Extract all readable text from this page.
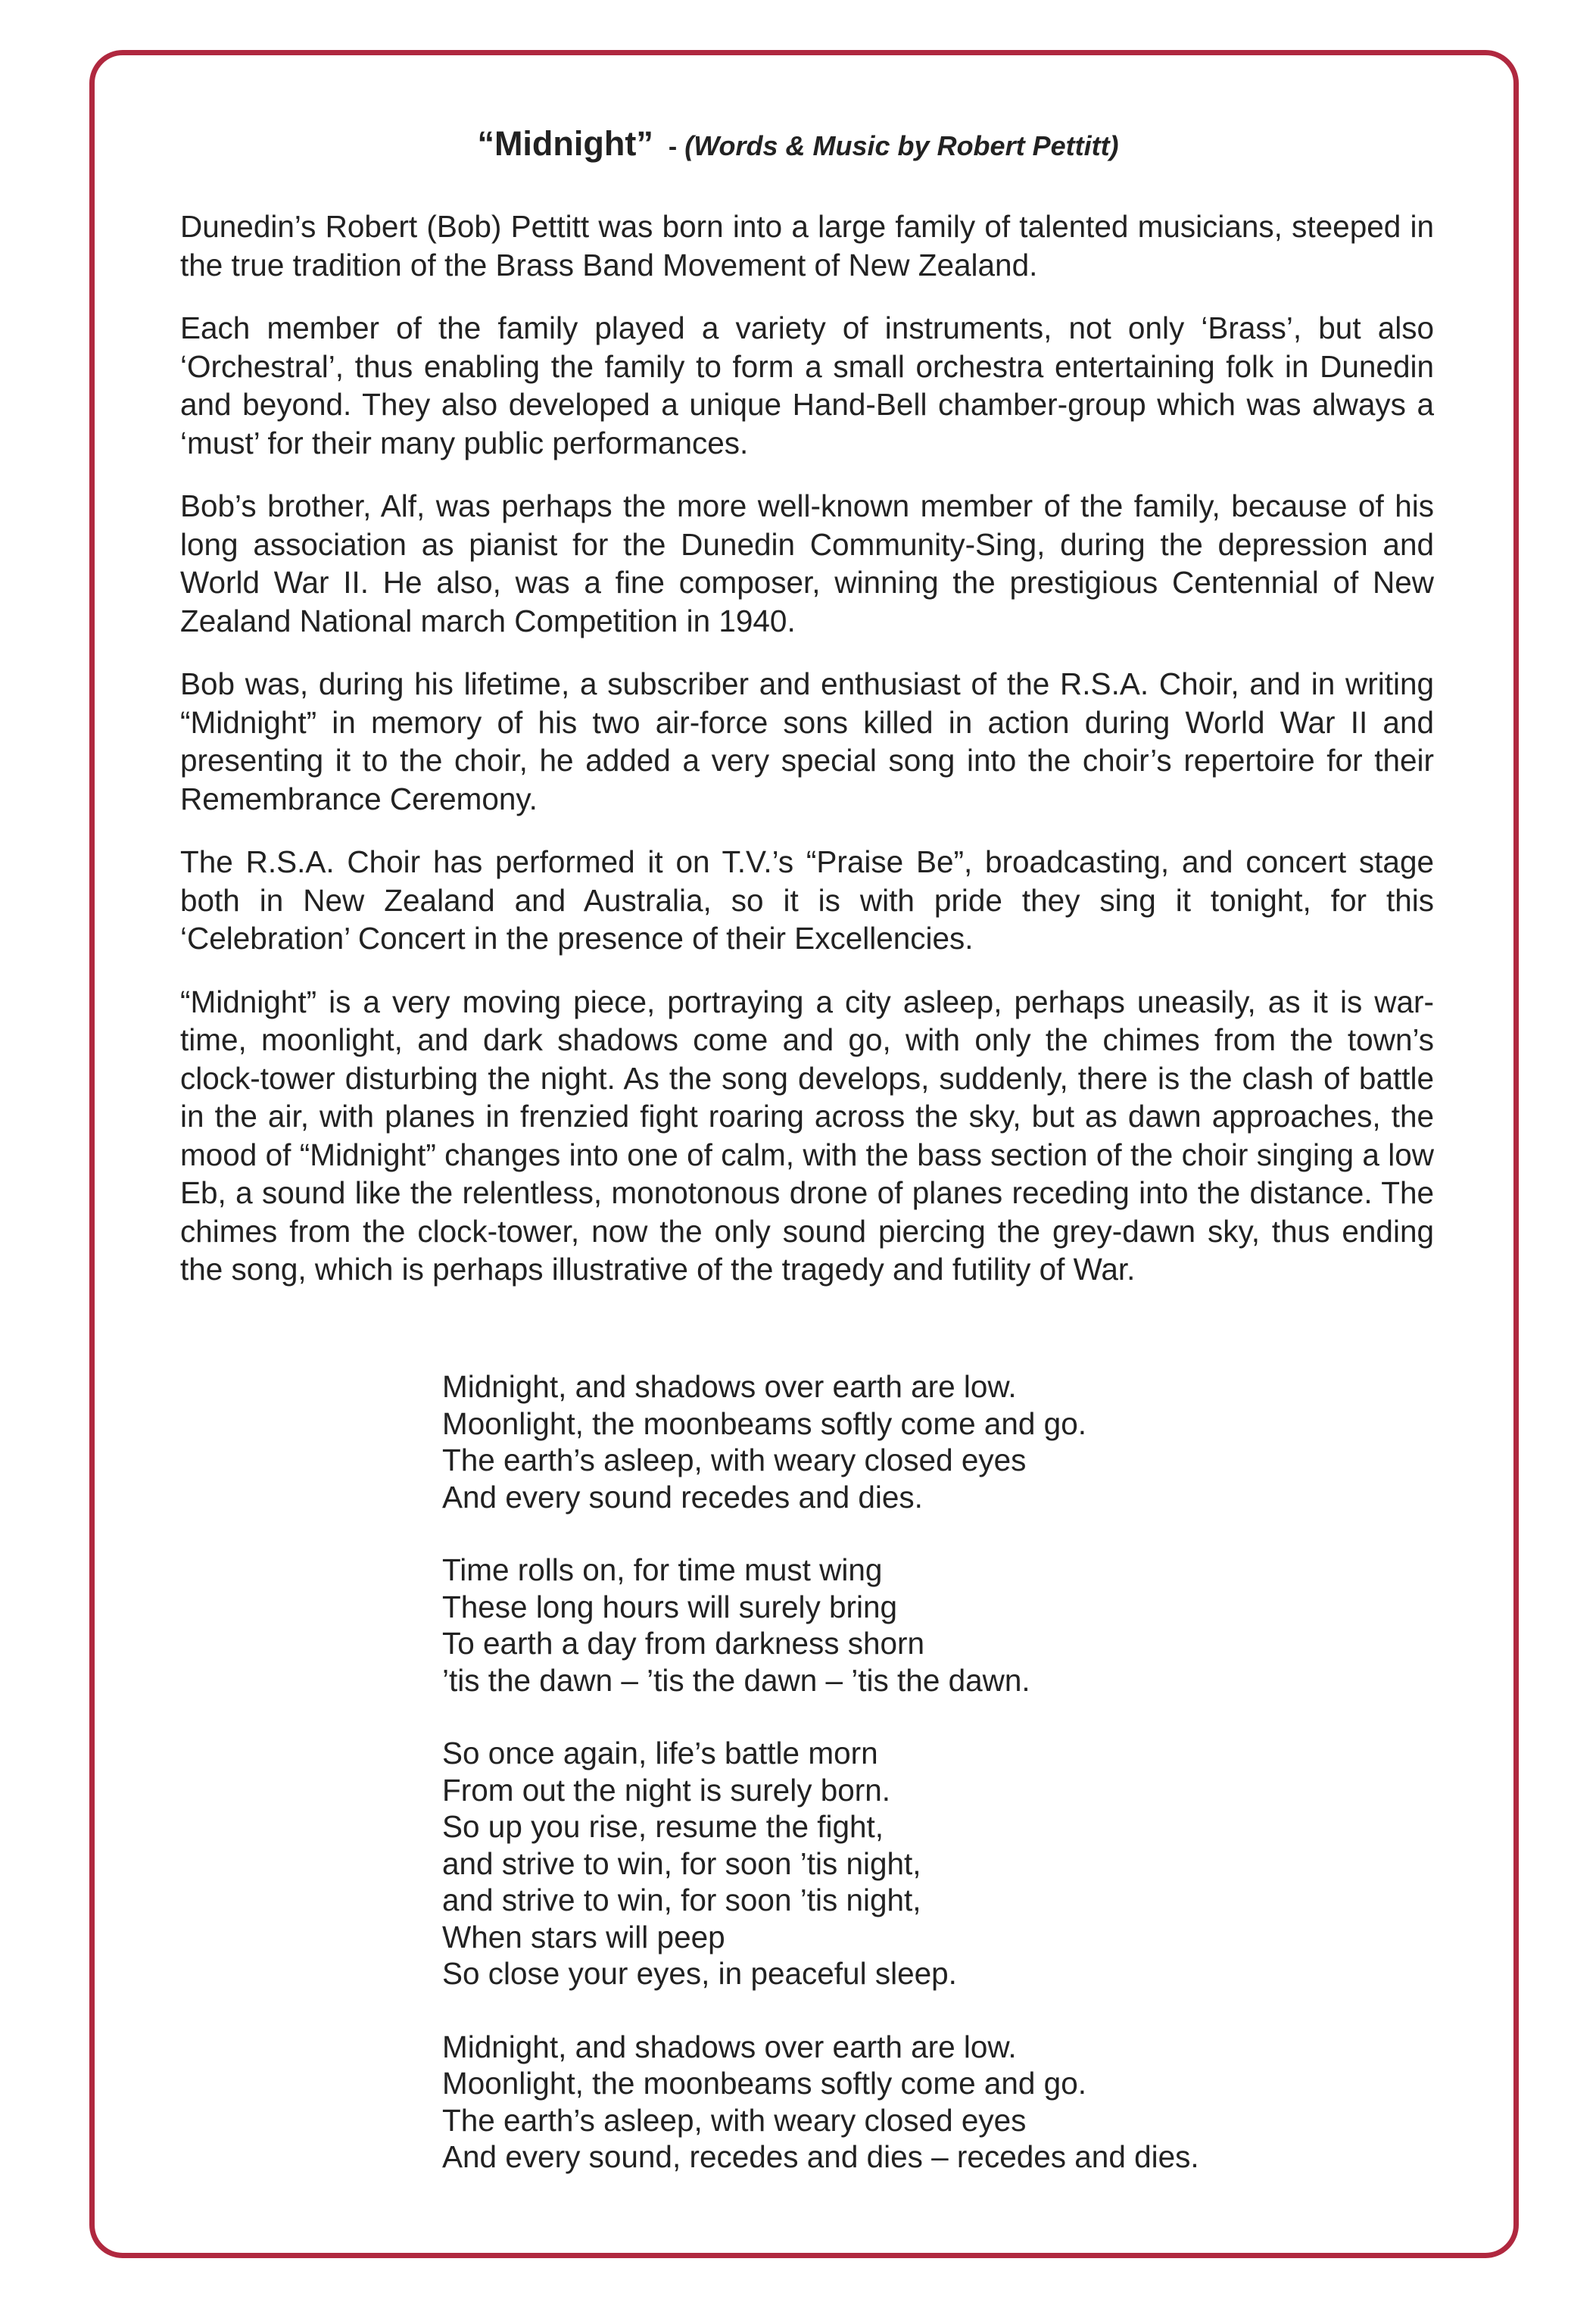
“Midnight” - (Words & Music by Robert Pettitt)

Dunedin’s Robert (Bob) Pettitt was born into a large family of talented musicians, steeped in the true tradition of the Brass Band Movement of New Zealand.

Each member of the family played a variety of instruments, not only ‘Brass’, but also ‘Orchestral’, thus enabling the family to form a small orchestra entertaining folk in Dunedin and beyond. They also developed a unique Hand-Bell chamber-group which was always a ‘must’ for their many public performances.

Bob’s brother, Alf, was perhaps the more well-known member of the family, because of his long association as pianist for the Dunedin Community-Sing, during the depression and World War II. He also, was a fine composer, winning the prestigious Centennial of New Zealand National march Competition in 1940.

Bob was, during his lifetime, a subscriber and enthusiast of the R.S.A. Choir, and in writing “Midnight” in memory of his two air-force sons killed in action during World War II and presenting it to the choir, he added a very special song into the choir’s repertoire for their Remembrance Ceremony.

The R.S.A. Choir has performed it on T.V.’s “Praise Be”, broadcasting, and concert stage both in New Zealand and Australia, so it is with pride they sing it tonight, for this ‘Celebration’ Concert in the presence of their Excellencies.

“Midnight” is a very moving piece, portraying a city asleep, perhaps uneasily, as it is war-time, moonlight, and dark shadows come and go, with only the chimes from the town’s clock-tower disturbing the night. As the song develops, suddenly, there is the clash of battle in the air, with planes in frenzied fight roaring across the sky, but as dawn approaches, the mood of “Midnight” changes into one of calm, with the bass section of the choir singing a low Eb, a sound like the relentless, monotonous drone of planes receding into the distance. The chimes from the clock-tower, now the only sound piercing the grey-dawn sky, thus ending the song, which is perhaps illustrative of the tragedy and futility of War.

Midnight, and shadows over earth are low.
Moonlight, the moonbeams softly come and go.
The earth’s asleep, with weary closed eyes
And every sound recedes and dies.
Time rolls on, for time must wing
These long hours will surely bring
To earth a day from darkness shorn
’tis the dawn – ’tis the dawn – ’tis the dawn.
So once again, life’s battle morn
From out the night is surely born.
So up you rise, resume the fight,
and strive to win, for soon ’tis night,
and strive to win, for soon ’tis night,
When stars will peep
So close your eyes, in peaceful sleep.
Midnight, and shadows over earth are low.
Moonlight, the moonbeams softly come and go.
The earth’s asleep, with weary closed eyes
And every sound, recedes and dies – recedes and dies.
